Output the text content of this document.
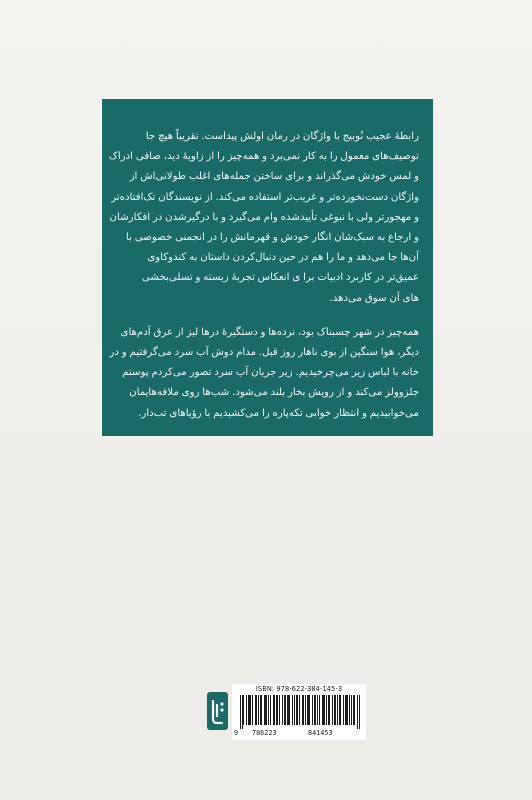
رابطهٔ عجیب نُوبیج با واژگان در رمان اولش پیداست. تقریباً هیچ جا
توصیف‌های معمول را به کار نمی‌برد و همه‌چیز را از زاویهٔ دید، صافی ادراک
و لمس خودش می‌گذراند و برای ساختن جمله‌های اغلب طولانی‌اش از
واژگان دست‌نخورده‌تر و غریب‌تر استفاده می‌کند. از نویسندگان تک‌افتاده‌تر
و مهجورتر ولی با نبوغی تأییدشده وام می‌گیرد و با درگیرشدن در افکارشان
و ارجاع به سبک‌شان انگار خودش و قهرمانش را در انجمنی خصوصی با
آن‌ها جا می‌دهد و ما را هم در حین دنبال‌کردن داستان به کندوکاوی
عمیق‌تر در کاربرد ادبیات برا ی انعکاس تجربهٔ زیسته و تسلی‌بخشی
های آن سوق می‌دهد.

همه‌چیز در شهر چسبناک بود، نرده‌ها و دستگیرهٔ درها لیز از عرق آدم‌های
دیگر، هوا سنگین از بوی ناهار روز قبل. مدام دوش آب سرد می‌گرفتیم و در
خانه با لباس زیر می‌چرخیدیم. زیر جریان آب سرد تصور می‌کردم پوستم
جلزوولز می‌کند و از رویش بخار بلند می‌شود. شب‌ها روی ملافه‌هایمان
می‌خوابیدیم و انتظار خوابی تکه‌پاره را می‌کشیدیم با رؤیاهای تب‌دار.

ISBN: 978-622-384-145-3
9 786223	841453
